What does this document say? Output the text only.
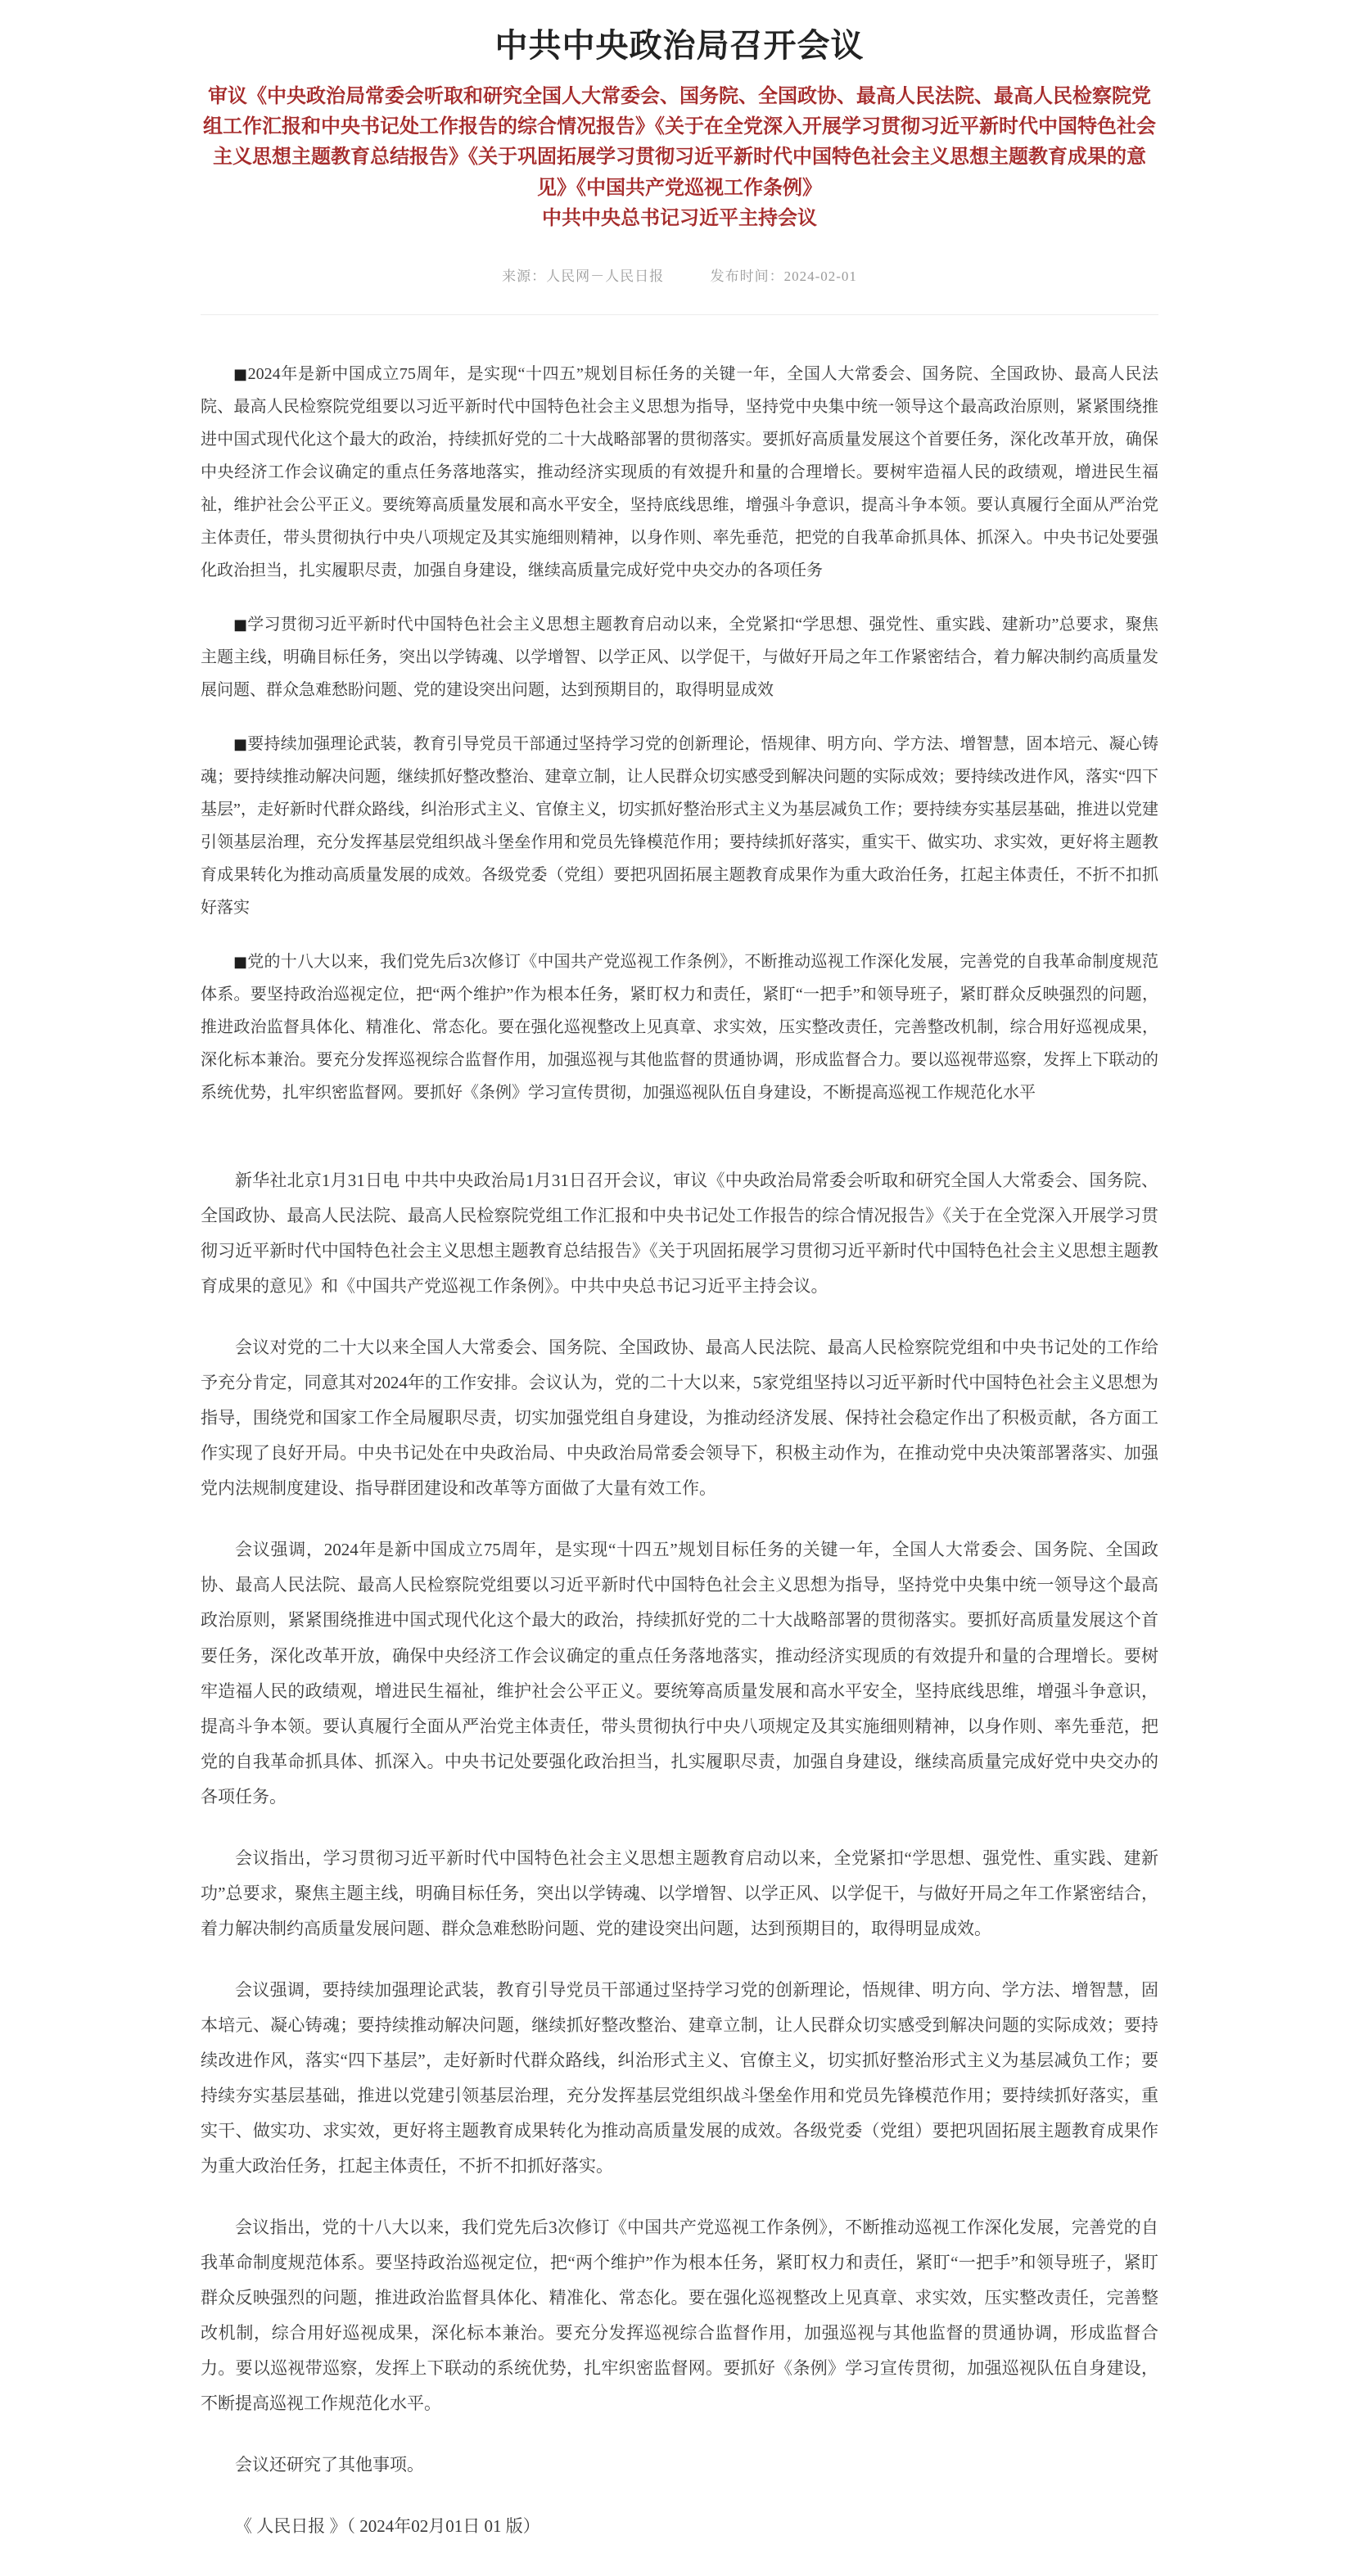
中共中央政治局召开会议

审议《中央政治局常委会听取和研究全国人大常委会、国务院、全国政协、最高人民法院、最高人民检察院党组工作汇报和中央书记处工作报告的综合情况报告》《关于在全党深入开展学习贯彻习近平新时代中国特色社会主义思想主题教育总结报告》《关于巩固拓展学习贯彻习近平新时代中国特色社会主义思想主题教育成果的意见》《中国共产党巡视工作条例》

中共中央总书记习近平主持会议

来源：人民网－人民日报	发布时间：2024-02-01

■2024年是新中国成立75周年，是实现“十四五”规划目标任务的关键一年，全国人大常委会、国务院、全国政协、最高人民法院、最高人民检察院党组要以习近平新时代中国特色社会主义思想为指导，坚持党中央集中统一领导这个最高政治原则，紧紧围绕推进中国式现代化这个最大的政治，持续抓好党的二十大战略部署的贯彻落实。要抓好高质量发展这个首要任务，深化改革开放，确保中央经济工作会议确定的重点任务落地落实，推动经济实现质的有效提升和量的合理增长。要树牢造福人民的政绩观，增进民生福祉，维护社会公平正义。要统筹高质量发展和高水平安全，坚持底线思维，增强斗争意识，提高斗争本领。要认真履行全面从严治党主体责任，带头贯彻执行中央八项规定及其实施细则精神，以身作则、率先垂范，把党的自我革命抓具体、抓深入。中央书记处要强化政治担当，扎实履职尽责，加强自身建设，继续高质量完成好党中央交办的各项任务

■学习贯彻习近平新时代中国特色社会主义思想主题教育启动以来，全党紧扣“学思想、强党性、重实践、建新功”总要求，聚焦主题主线，明确目标任务，突出以学铸魂、以学增智、以学正风、以学促干，与做好开局之年工作紧密结合，着力解决制约高质量发展问题、群众急难愁盼问题、党的建设突出问题，达到预期目的，取得明显成效

■要持续加强理论武装，教育引导党员干部通过坚持学习党的创新理论，悟规律、明方向、学方法、增智慧，固本培元、凝心铸魂；要持续推动解决问题，继续抓好整改整治、建章立制，让人民群众切实感受到解决问题的实际成效；要持续改进作风，落实“四下基层”，走好新时代群众路线，纠治形式主义、官僚主义，切实抓好整治形式主义为基层减负工作；要持续夯实基层基础，推进以党建引领基层治理，充分发挥基层党组织战斗堡垒作用和党员先锋模范作用；要持续抓好落实，重实干、做实功、求实效，更好将主题教育成果转化为推动高质量发展的成效。各级党委（党组）要把巩固拓展主题教育成果作为重大政治任务，扛起主体责任，不折不扣抓好落实

■党的十八大以来，我们党先后3次修订《中国共产党巡视工作条例》，不断推动巡视工作深化发展，完善党的自我革命制度规范体系。要坚持政治巡视定位，把“两个维护”作为根本任务，紧盯权力和责任，紧盯“一把手”和领导班子，紧盯群众反映强烈的问题，推进政治监督具体化、精准化、常态化。要在强化巡视整改上见真章、求实效，压实整改责任，完善整改机制，综合用好巡视成果，深化标本兼治。要充分发挥巡视综合监督作用，加强巡视与其他监督的贯通协调，形成监督合力。要以巡视带巡察，发挥上下联动的系统优势，扎牢织密监督网。要抓好《条例》学习宣传贯彻，加强巡视队伍自身建设，不断提高巡视工作规范化水平

新华社北京1月31日电 中共中央政治局1月31日召开会议，审议《中央政治局常委会听取和研究全国人大常委会、国务院、全国政协、最高人民法院、最高人民检察院党组工作汇报和中央书记处工作报告的综合情况报告》《关于在全党深入开展学习贯彻习近平新时代中国特色社会主义思想主题教育总结报告》《关于巩固拓展学习贯彻习近平新时代中国特色社会主义思想主题教育成果的意见》和《中国共产党巡视工作条例》。中共中央总书记习近平主持会议。

会议对党的二十大以来全国人大常委会、国务院、全国政协、最高人民法院、最高人民检察院党组和中央书记处的工作给予充分肯定，同意其对2024年的工作安排。会议认为，党的二十大以来，5家党组坚持以习近平新时代中国特色社会主义思想为指导，围绕党和国家工作全局履职尽责，切实加强党组自身建设，为推动经济发展、保持社会稳定作出了积极贡献，各方面工作实现了良好开局。中央书记处在中央政治局、中央政治局常委会领导下，积极主动作为，在推动党中央决策部署落实、加强党内法规制度建设、指导群团建设和改革等方面做了大量有效工作。

会议强调，2024年是新中国成立75周年，是实现“十四五”规划目标任务的关键一年，全国人大常委会、国务院、全国政协、最高人民法院、最高人民检察院党组要以习近平新时代中国特色社会主义思想为指导，坚持党中央集中统一领导这个最高政治原则，紧紧围绕推进中国式现代化这个最大的政治，持续抓好党的二十大战略部署的贯彻落实。要抓好高质量发展这个首要任务，深化改革开放，确保中央经济工作会议确定的重点任务落地落实，推动经济实现质的有效提升和量的合理增长。要树牢造福人民的政绩观，增进民生福祉，维护社会公平正义。要统筹高质量发展和高水平安全，坚持底线思维，增强斗争意识，提高斗争本领。要认真履行全面从严治党主体责任，带头贯彻执行中央八项规定及其实施细则精神，以身作则、率先垂范，把党的自我革命抓具体、抓深入。中央书记处要强化政治担当，扎实履职尽责，加强自身建设，继续高质量完成好党中央交办的各项任务。

会议指出，学习贯彻习近平新时代中国特色社会主义思想主题教育启动以来，全党紧扣“学思想、强党性、重实践、建新功”总要求，聚焦主题主线，明确目标任务，突出以学铸魂、以学增智、以学正风、以学促干，与做好开局之年工作紧密结合，着力解决制约高质量发展问题、群众急难愁盼问题、党的建设突出问题，达到预期目的，取得明显成效。

会议强调，要持续加强理论武装，教育引导党员干部通过坚持学习党的创新理论，悟规律、明方向、学方法、增智慧，固本培元、凝心铸魂；要持续推动解决问题，继续抓好整改整治、建章立制，让人民群众切实感受到解决问题的实际成效；要持续改进作风，落实“四下基层”，走好新时代群众路线，纠治形式主义、官僚主义，切实抓好整治形式主义为基层减负工作；要持续夯实基层基础，推进以党建引领基层治理，充分发挥基层党组织战斗堡垒作用和党员先锋模范作用；要持续抓好落实，重实干、做实功、求实效，更好将主题教育成果转化为推动高质量发展的成效。各级党委（党组）要把巩固拓展主题教育成果作为重大政治任务，扛起主体责任，不折不扣抓好落实。

会议指出，党的十八大以来，我们党先后3次修订《中国共产党巡视工作条例》，不断推动巡视工作深化发展，完善党的自我革命制度规范体系。要坚持政治巡视定位，把“两个维护”作为根本任务，紧盯权力和责任，紧盯“一把手”和领导班子，紧盯群众反映强烈的问题，推进政治监督具体化、精准化、常态化。要在强化巡视整改上见真章、求实效，压实整改责任，完善整改机制，综合用好巡视成果，深化标本兼治。要充分发挥巡视综合监督作用，加强巡视与其他监督的贯通协调，形成监督合力。要以巡视带巡察，发挥上下联动的系统优势，扎牢织密监督网。要抓好《条例》学习宣传贯彻，加强巡视队伍自身建设，不断提高巡视工作规范化水平。

会议还研究了其他事项。

《 人民日报 》（ 2024年02月01日 01 版）
